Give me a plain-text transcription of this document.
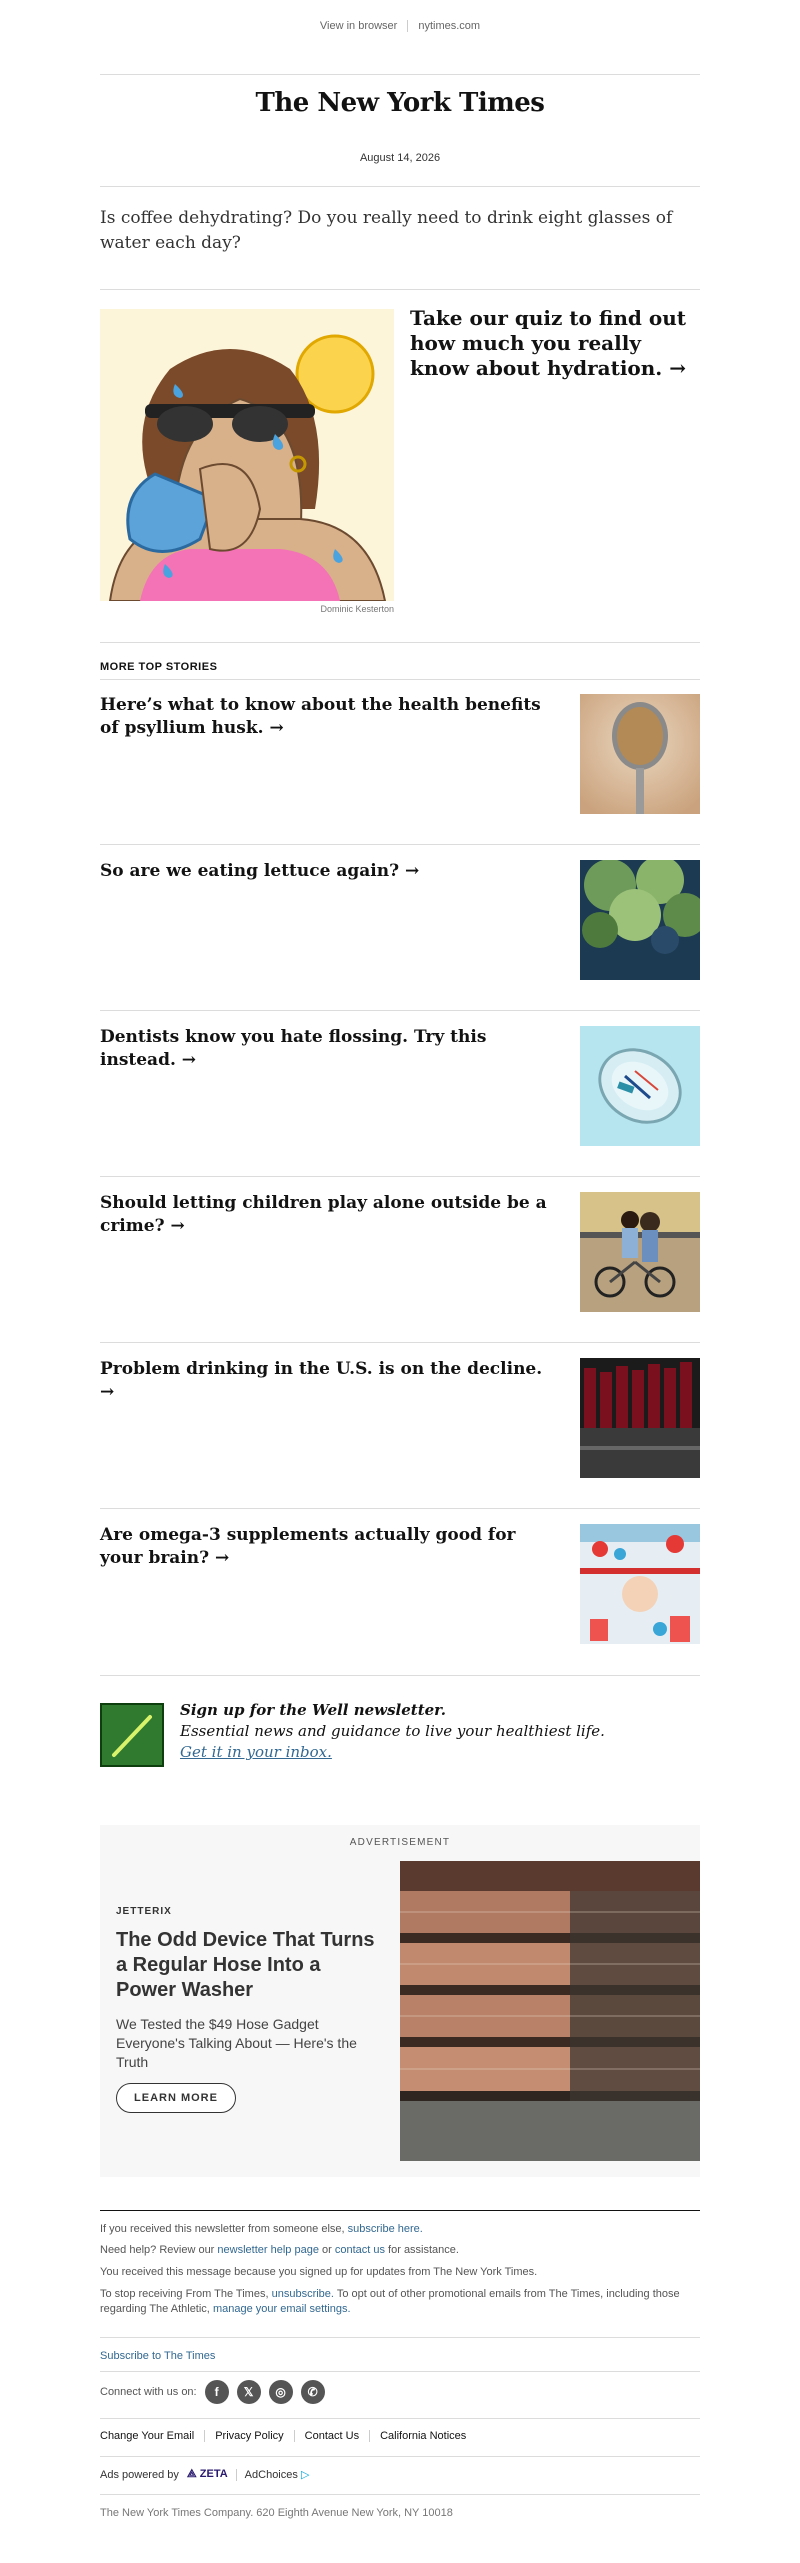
View in browser nytimes.com
The New York Times
August 14, 2026
Is coffee dehydrating? Do you really need to drink eight glasses of water each day?
Dominic Kesterton
Take our quiz to find out how much you really know about hydration. →
MORE TOP STORIES
Here’s what to know about the health benefits of psyllium husk. →
So are we eating lettuce again? →
Dentists know you hate flossing. Try this instead. →
Should letting children play alone outside be a crime? →
Problem drinking in the U.S. is on the decline. →
Are omega-3 supplements actually good for your brain? →
Sign up for the Well newsletter.
Essential news and guidance to live your healthiest life.
Get it in your inbox.
ADVERTISEMENT
JETTERIX
The Odd Device That Turns a Regular Hose Into a Power Washer
We Tested the $49 Hose Gadget Everyone's Talking About — Here's the Truth
LEARN MORE
If you received this newsletter from someone else, subscribe here.
Need help? Review our newsletter help page or contact us for assistance.
You received this message because you signed up for updates from The New York Times.
To stop receiving From The Times, unsubscribe. To opt out of other promotional emails from The Times, including those regarding The Athletic, manage your email settings.
Subscribe to The Times
Connect with us on:	f	𝕏	◎	✆
Change Your Email Privacy Policy Contact Us California Notices
Ads powered by ⟁ ZETA AdChoices ▷
The New York Times Company. 620 Eighth Avenue New York, NY 10018
